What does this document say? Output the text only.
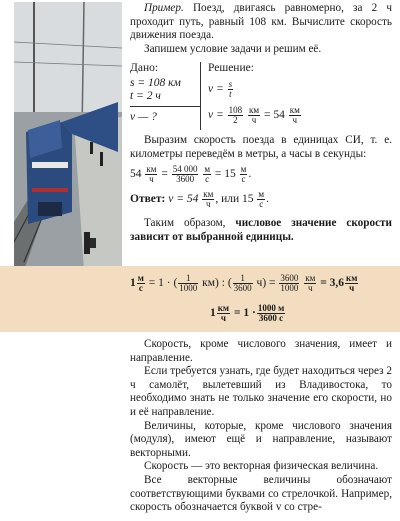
Пример. Поезд, двигаясь равномерно, за 2 ч проходит путь, равный 108 км. Вычислите скорость движения поезда.

Запишем условие задачи и решим её.

Дано:
s = 108 км
t = 2 ч
v — ?
Решение:
$v = \frac{s}{t}$
$v = \frac{108}{2}$
$\frac{км}{ч} = 54 \frac{км}{ч}$

Выразим скорость поезда в единицах СИ, т. е. километры переведём в метры, а часы в секунды:

$54 \frac{км}{ч} = \frac{54 000}{3600}$
$\frac{м}{с} = 15 \frac{м}{с}$ .
Ответ: $v = 54 \frac{км}{ч}$ , или $15 \frac{м}{с}$ .

Таким образом, числовое значение скорости зависит от выбранной единицы.

$1 \frac{м}{с} = 1$ · ( $\frac{1}{1000} км$) : ( $\frac{1}{3600} ч) = \frac{3600}{1000}$
$\frac{км}{ч} = 3,6 \frac{км}{ч}$
$1 \frac{км}{ч} = 1 \cdot \frac{1000 м}{3600 с}$

Скорость, кроме числового значения, имеет и направление.

Если требуется узнать, где будет находиться через 2 ч самолёт, вылетевший из Владивостока, то необходимо знать не только значение его скорости, но и её направление.

Величины, которые, кроме числового значения (модуля), имеют ещё и направление, называют векторными.

Скорость — это векторная физическая величина.

Все векторные величины обозначают соответствующими буквами со стрелочкой. Например, скорость обозначается буквой v со стре-
